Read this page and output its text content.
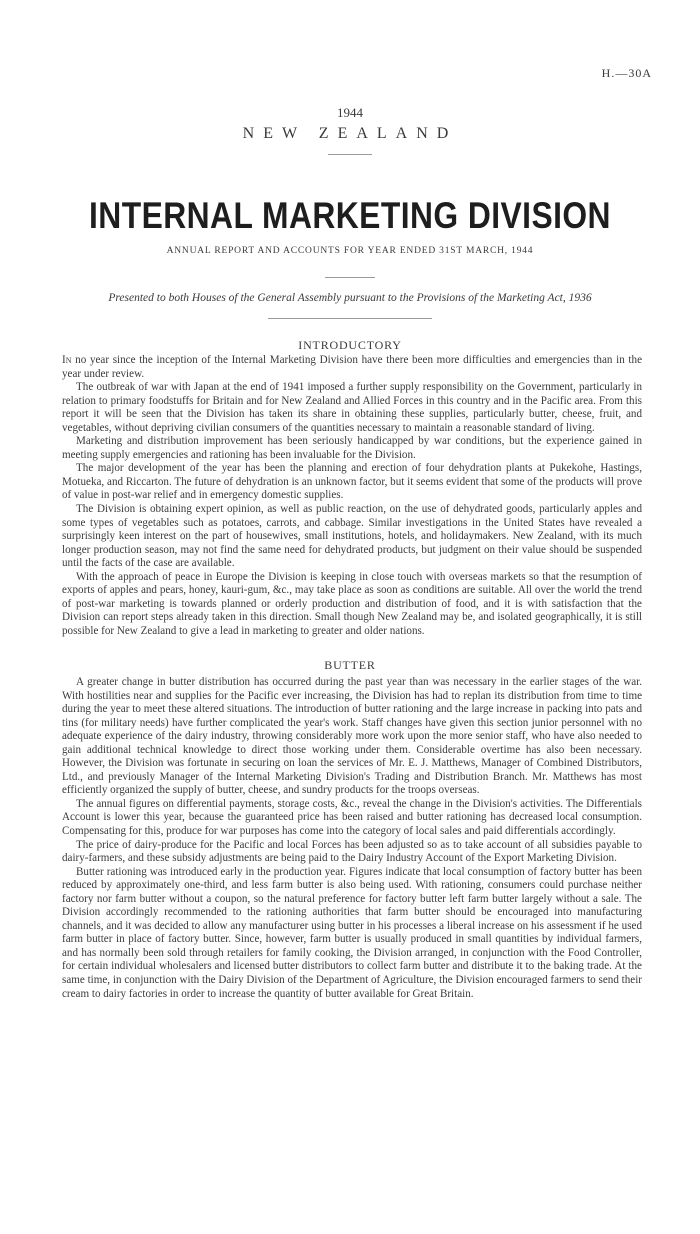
H.—30A
1944
NEW ZEALAND
INTERNAL MARKETING DIVISION
ANNUAL REPORT AND ACCOUNTS FOR YEAR ENDED 31ST MARCH, 1944
Presented to both Houses of the General Assembly pursuant to the Provisions of the Marketing Act, 1936
INTRODUCTORY

In no year since the inception of the Internal Marketing Division have there been more difficulties and emergencies than in the year under review.

The outbreak of war with Japan at the end of 1941 imposed a further supply responsibility on the Government, particularly in relation to primary foodstuffs for Britain and for New Zealand and Allied Forces in this country and in the Pacific area. From this report it will be seen that the Division has taken its share in obtaining these supplies, particularly butter, cheese, fruit, and vegetables, without depriving civilian consumers of the quantities necessary to maintain a reasonable standard of living.

Marketing and distribution improvement has been seriously handicapped by war conditions, but the experience gained in meeting supply emergencies and rationing has been invaluable for the Division.

The major development of the year has been the planning and erection of four dehydration plants at Pukekohe, Hastings, Motueka, and Riccarton. The future of dehydration is an unknown factor, but it seems evident that some of the products will prove of value in post-war relief and in emergency domestic supplies.

The Division is obtaining expert opinion, as well as public reaction, on the use of dehydrated goods, particularly apples and some types of vegetables such as potatoes, carrots, and cabbage. Similar investigations in the United States have revealed a surprisingly keen interest on the part of housewives, small institutions, hotels, and holidaymakers. New Zealand, with its much longer production season, may not find the same need for dehydrated products, but judgment on their value should be suspended until the facts of the case are available.

With the approach of peace in Europe the Division is keeping in close touch with overseas markets so that the resumption of exports of apples and pears, honey, kauri-gum, &c., may take place as soon as conditions are suitable. All over the world the trend of post-war marketing is towards planned or orderly production and distribution of food, and it is with satisfaction that the Division can report steps already taken in this direction. Small though New Zealand may be, and isolated geographically, it is still possible for New Zealand to give a lead in marketing to greater and older nations.

BUTTER

A greater change in butter distribution has occurred during the past year than was necessary in the earlier stages of the war. With hostilities near and supplies for the Pacific ever increasing, the Division has had to replan its distribution from time to time during the year to meet these altered situations. The introduction of butter rationing and the large increase in packing into pats and tins (for military needs) have further complicated the year's work. Staff changes have given this section junior personnel with no adequate experience of the dairy industry, throwing considerably more work upon the more senior staff, who have also needed to gain additional technical knowledge to direct those working under them. Considerable overtime has also been necessary. However, the Division was fortunate in securing on loan the services of Mr. E. J. Matthews, Manager of Combined Distributors, Ltd., and previously Manager of the Internal Marketing Division's Trading and Distribution Branch. Mr. Matthews has most efficiently organized the supply of butter, cheese, and sundry products for the troops overseas.

The annual figures on differential payments, storage costs, &c., reveal the change in the Division's activities. The Differentials Account is lower this year, because the guaranteed price has been raised and butter rationing has decreased local consumption. Compensating for this, produce for war purposes has come into the category of local sales and paid differentials accordingly.

The price of dairy-produce for the Pacific and local Forces has been adjusted so as to take account of all subsidies payable to dairy-farmers, and these subsidy adjustments are being paid to the Dairy Industry Account of the Export Marketing Division.

Butter rationing was introduced early in the production year. Figures indicate that local consumption of factory butter has been reduced by approximately one-third, and less farm butter is also being used. With rationing, consumers could purchase neither factory nor farm butter without a coupon, so the natural preference for factory butter left farm butter largely without a sale. The Division accordingly recommended to the rationing authorities that farm butter should be encouraged into manufacturing channels, and it was decided to allow any manufacturer using butter in his processes a liberal increase on his assessment if he used farm butter in place of factory butter. Since, however, farm butter is usually produced in small quantities by individual farmers, and has normally been sold through retailers for family cooking, the Division arranged, in conjunction with the Food Controller, for certain individual wholesalers and licensed butter distributors to collect farm butter and distribute it to the baking trade. At the same time, in conjunction with the Dairy Division of the Department of Agriculture, the Division encouraged farmers to send their cream to dairy factories in order to increase the quantity of butter available for Great Britain.
